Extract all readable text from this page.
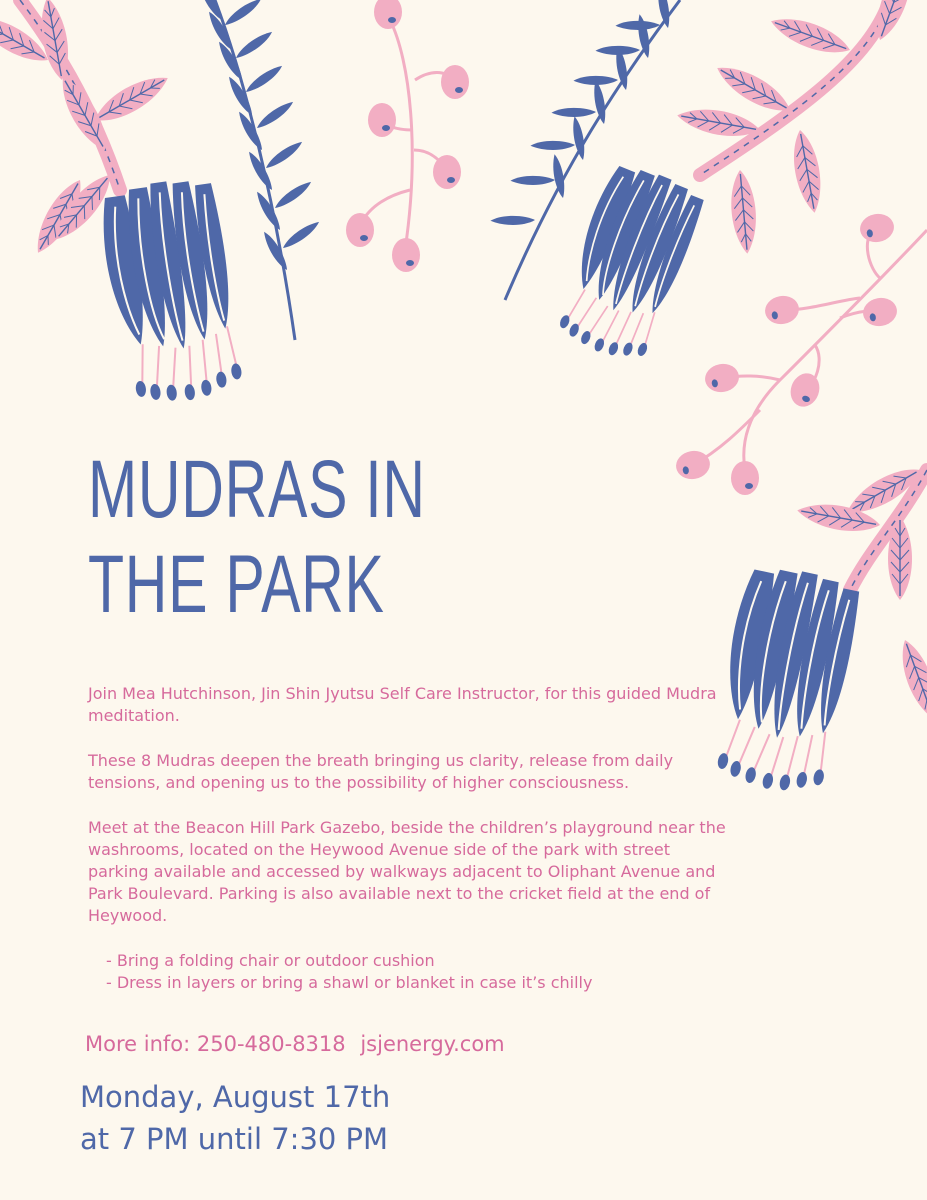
MUDRAS IN
THE PARK

Join Mea Hutchinson, Jin Shin Jyutsu Self Care Instructor, for this guided Mudra meditation.

These 8 Mudras deepen the breath bringing us clarity, release from daily tensions, and opening us to the possibility of higher consciousness.

Meet at the Beacon Hill Park Gazebo, beside the children’s playground near the washrooms, located on the Heywood Avenue side of the park with street parking available and accessed by walkways adjacent to Oliphant Avenue and Park Boulevard. Parking is also available next to the cricket field at the end of Heywood.

- Bring a folding chair or outdoor cushion
- Dress in layers or bring a shawl or blanket in case it’s chilly
More info: 250-480-8318 jsjenergy.com
Monday, August 17th
at 7 PM until 7:30 PM
